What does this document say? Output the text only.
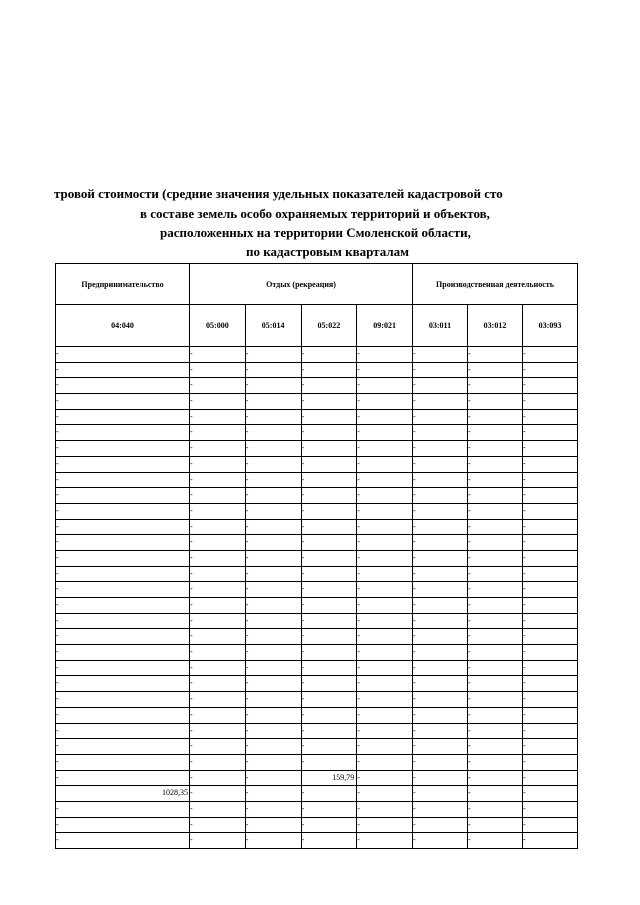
тровой стоимости (средние значения удельных показателей кадастровой сто
в составе земель особо охраняемых территорий и объектов,
расположенных на территории Смоленской области,
по кадастровым кварталам
Предпринимательство	Отдых (рекреация)				Производственная деятельность		
04:040	05:000	05:014	05:022	09:021	03:011	03:012	03:093
-	-	-	-	-	-	-	-
-	-	-	-	-	-	-	-
-	-	-	-	-	-	-	-
-	-	-	-	-	-	-	-
-	-	-	-	-	-	-	-
-	-	-	-	-	-	-	-
-	-	-	-	-	-	-	-
-	-	-	-	-	-	-	-
-	-	-	-	-	-	-	-
-	-	-	-	-	-	-	-
-	-	-	-	-	-	-	-
-	-	-	-	-	-	-	-
-	-	-	-	-	-	-	-
-	-	-	-	-	-	-	-
-	-	-	-	-	-	-	-
-	-	-	-	-	-	-	-
-	-	-	-	-	-	-	-
-	-	-	-	-	-	-	-
-	-	-	-	-	-	-	-
-	-	-	-	-	-	-	-
-	-	-	-	-	-	-	-
-	-	-	-	-	-	-	-
-	-	-	-	-	-	-	-
-	-	-	-	-	-	-	-
-	-	-	-	-	-	-	-
-	-	-	-	-	-	-	-
-	-	-	-	-	-	-	-
-	-	-	159,79	-	-	-	-
1028,35	-	-	-	-	-	-	-
-	-	-	-	-	-	-	-
-	-	-	-	-	-	-	-
-	-	-	-	-	-	-	-
